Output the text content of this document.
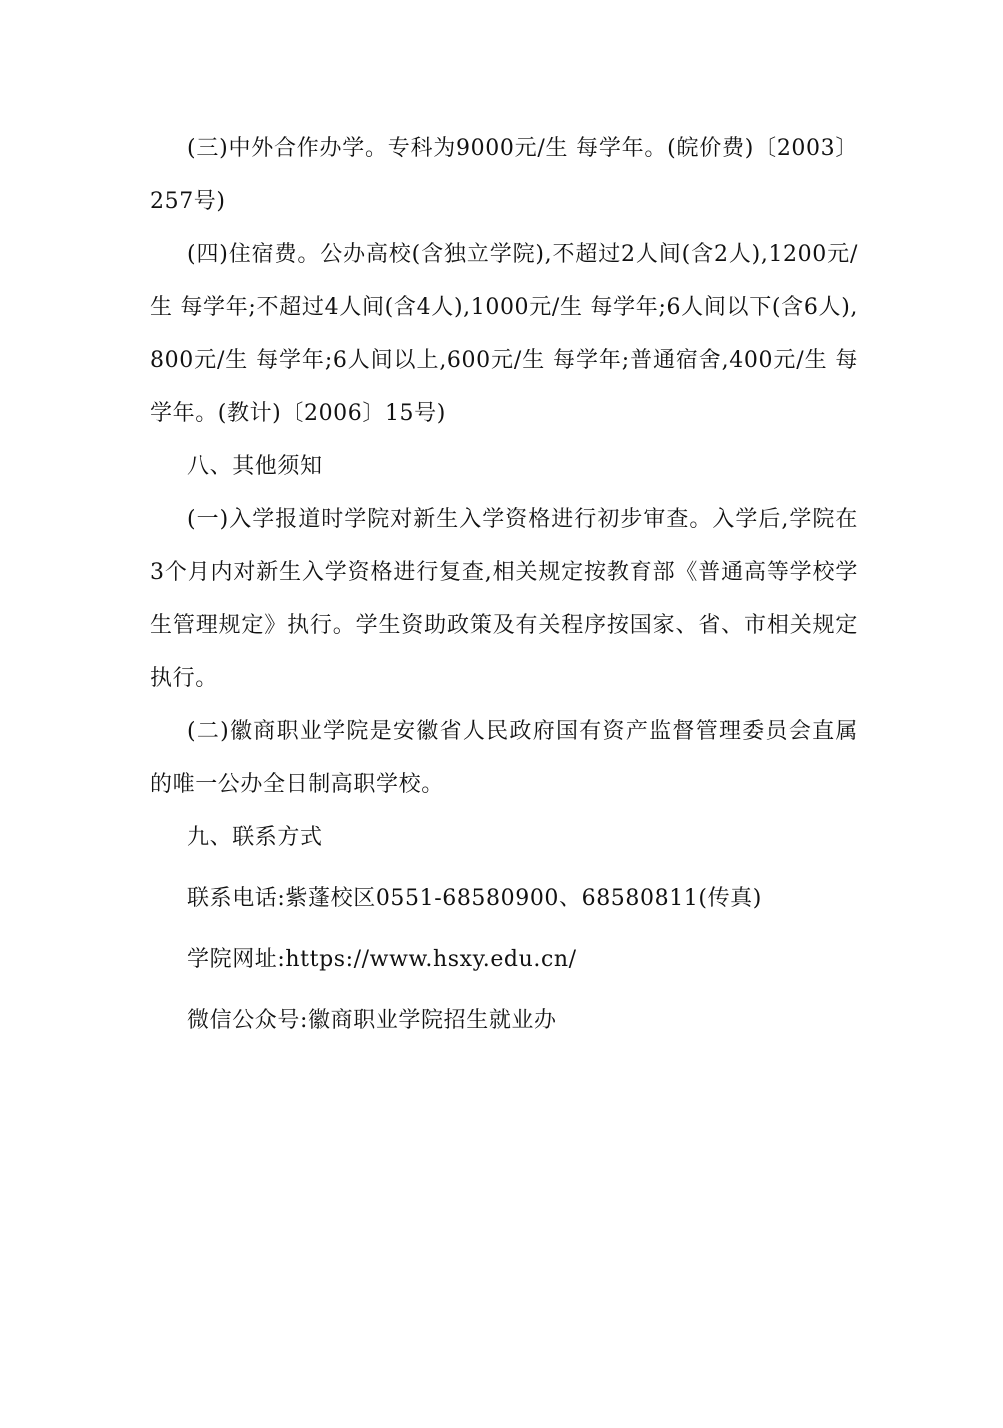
(三)中外合作办学。专科为9000元/生 每学年。(皖价费)〔2003〕257号)

(四)住宿费。公办高校(含独立学院),不超过2人间(含2人),1200元/生 每学年;不超过4人间(含4人),1000元/生 每学年;6人间以下(含6人),800元/生 每学年;6人间以上,600元/生 每学年;普通宿舍,400元/生 每学年。(教计)〔2006〕15号)

八、其他须知

(一)入学报道时学院对新生入学资格进行初步审查。入学后,学院在3个月内对新生入学资格进行复查,相关规定按教育部《普通高等学校学生管理规定》执行。学生资助政策及有关程序按国家、省、市相关规定执行。

(二)徽商职业学院是安徽省人民政府国有资产监督管理委员会直属的唯一公办全日制高职学校。

九、联系方式

联系电话:紫蓬校区0551-68580900、68580811(传真)

学院网址:https://www.hsxy.edu.cn/

微信公众号:徽商职业学院招生就业办
